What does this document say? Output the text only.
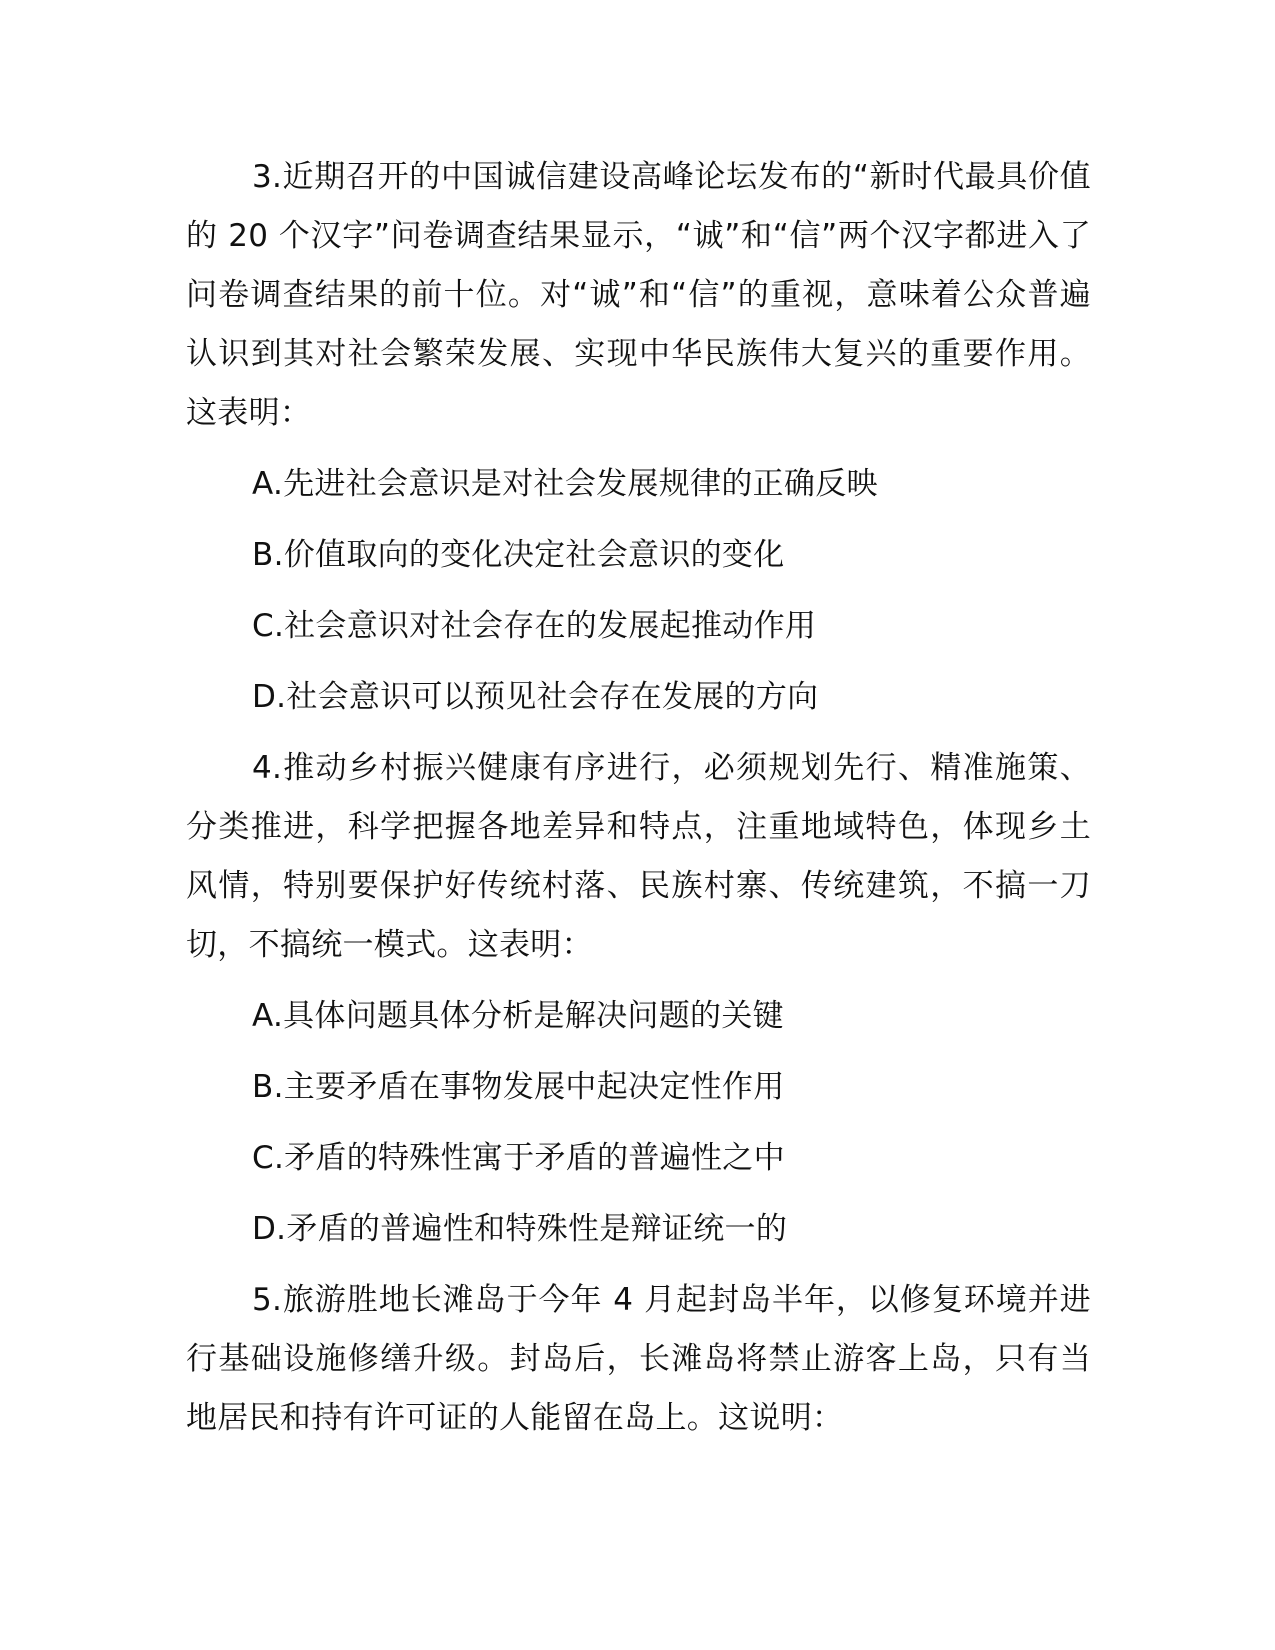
3.近期召开的中国诚信建设高峰论坛发布的“新时代最具价值的 20 个汉字”问卷调查结果显示，“诚”和“信”两个汉字都进入了问卷调查结果的前十位。对“诚”和“信”的重视，意味着公众普遍认识到其对社会繁荣发展、实现中华民族伟大复兴的重要作用。这表明：

A.先进社会意识是对社会发展规律的正确反映

B.价值取向的变化决定社会意识的变化

C.社会意识对社会存在的发展起推动作用

D.社会意识可以预见社会存在发展的方向

4.推动乡村振兴健康有序进行，必须规划先行、精准施策、分类推进，科学把握各地差异和特点，注重地域特色，体现乡土风情，特别要保护好传统村落、民族村寨、传统建筑，不搞一刀切，不搞统一模式。这表明：

A.具体问题具体分析是解决问题的关键

B.主要矛盾在事物发展中起决定性作用

C.矛盾的特殊性寓于矛盾的普遍性之中

D.矛盾的普遍性和特殊性是辩证统一的

5.旅游胜地长滩岛于今年 4 月起封岛半年，以修复环境并进行基础设施修缮升级。封岛后，长滩岛将禁止游客上岛，只有当地居民和持有许可证的人能留在岛上。这说明：
